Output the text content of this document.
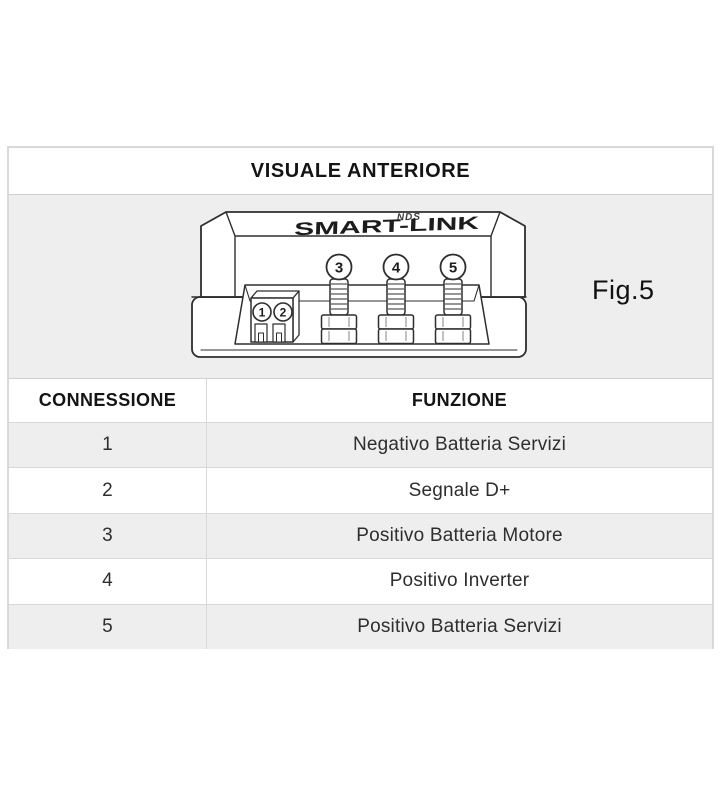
VISUALE ANTERIORE
NDS
SMART-LINK
1 2
3	4	5
Fig.5
CONNESSIONE	FUNZIONE
1	Negativo Batteria Servizi
2	Segnale D+
3	Positivo Batteria Motore
4	Positivo Inverter
5	Positivo Batteria Servizi
